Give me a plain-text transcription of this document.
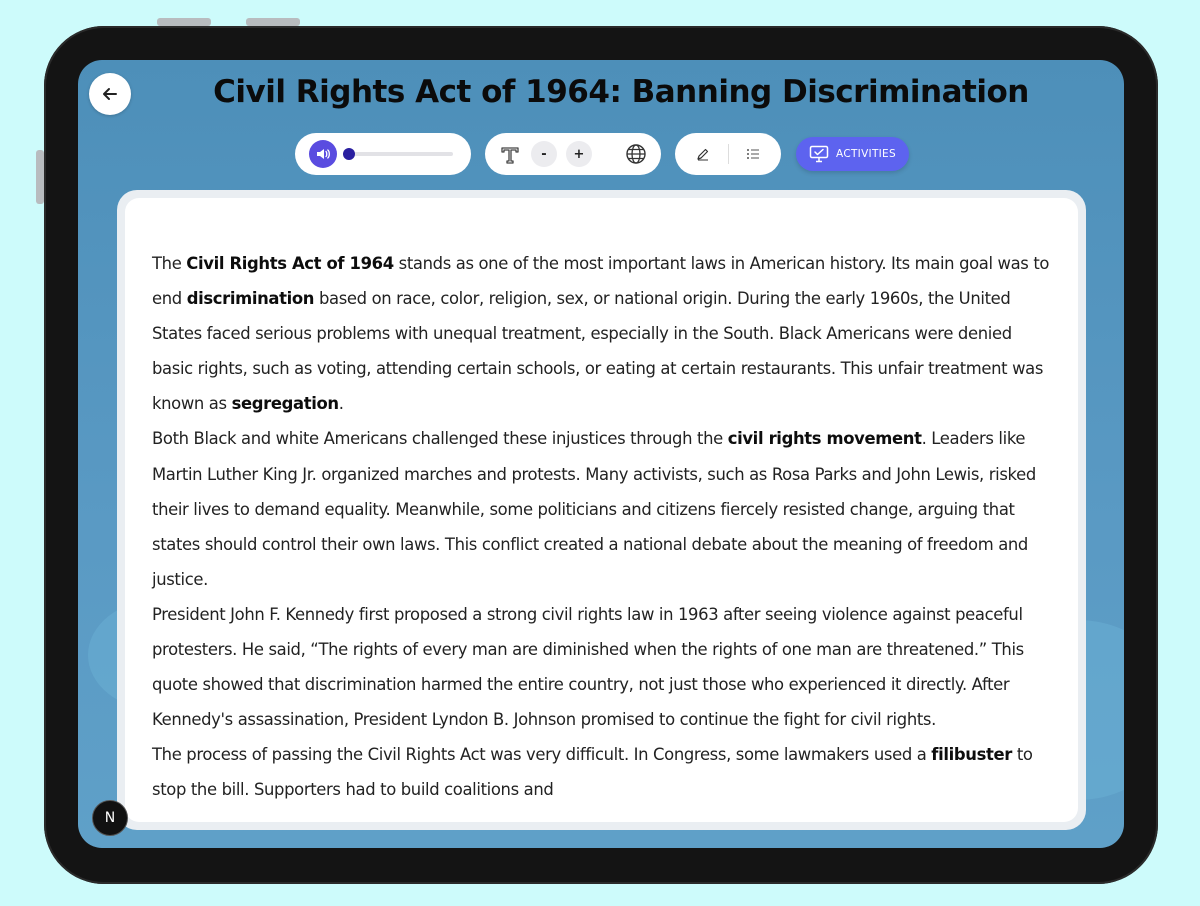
Civil Rights Act of 1964: Banning Discrimination
-	+	ACTIVITIES

The Civil Rights Act of 1964 stands as one of the most important laws in American history. Its main goal was to end discrimination based on race, color, religion, sex, or national origin. During the early 1960s, the United States faced serious problems with unequal treatment, especially in the South. Black Americans were denied basic rights, such as voting, attending certain schools, or eating at certain restaurants. This unfair treatment was known as segregation.

Both Black and white Americans challenged these injustices through the civil rights movement. Leaders like Martin Luther King Jr. organized marches and protests. Many activists, such as Rosa Parks and John Lewis, risked their lives to demand equality. Meanwhile, some politicians and citizens fiercely resisted change, arguing that states should control their own laws. This conflict created a national debate about the meaning of freedom and justice.

President John F. Kennedy first proposed a strong civil rights law in 1963 after seeing violence against peaceful protesters. He said, “The rights of every man are diminished when the rights of one man are threatened.” This quote showed that discrimination harmed the entire country, not just those who experienced it directly. After Kennedy's assassination, President Lyndon B. Johnson promised to continue the fight for civil rights.

The process of passing the Civil Rights Act was very difficult. In Congress, some lawmakers used a filibuster to stop the bill. Supporters had to build coalitions and

N
